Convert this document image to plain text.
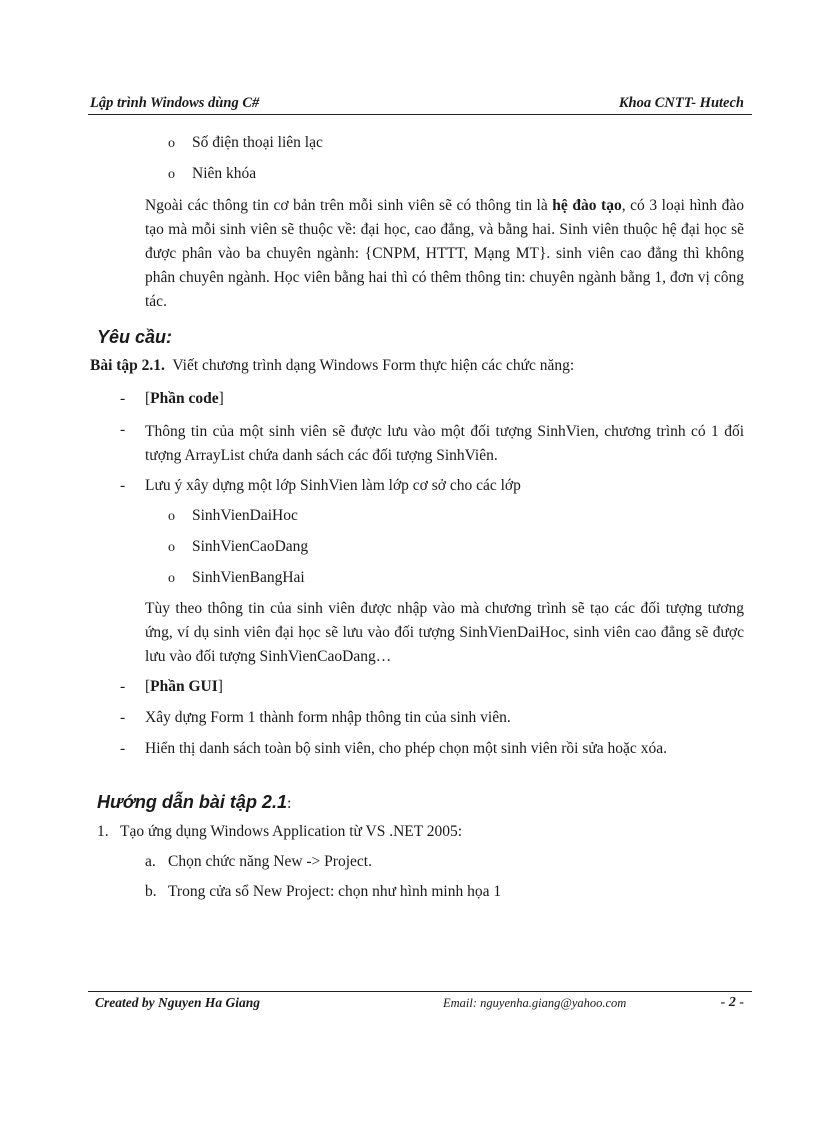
Lập trình Windows dùng C#	Khoa CNTT- Hutech
o Số điện thoại liên lạc
o Niên khóa
Ngoài các thông tin cơ bản trên mỗi sinh viên sẽ có thông tin là hệ đào tạo, có 3 loại hình đào tạo mà mỗi sinh viên sẽ thuộc về: đại học, cao đẳng, và bằng hai. Sinh viên thuộc hệ đại học sẽ được phân vào ba chuyên ngành: {CNPM, HTTT, Mạng MT}. sinh viên cao đẳng thì không phân chuyên ngành. Học viên bằng hai thì có thêm thông tin: chuyên ngành bằng 1, đơn vị công tác.
Yêu cầu:
Bài tập 2.1. Viết chương trình dạng Windows Form thực hiện các chức năng:
- [Phần code]
- Thông tin của một sinh viên sẽ được lưu vào một đối tượng SinhVien, chương trình có 1 đối tượng ArrayList chứa danh sách các đối tượng SinhViên.
- Lưu ý xây dựng một lớp SinhVien làm lớp cơ sở cho các lớp
o SinhVienDaiHoc
o SinhVienCaoDang
o SinhVienBangHai
Tùy theo thông tin của sinh viên được nhập vào mà chương trình sẽ tạo các đối tượng tương ứng, ví dụ sinh viên đại học sẽ lưu vào đối tượng SinhVienDaiHoc, sinh viên cao đẳng sẽ được lưu vào đối tượng SinhVienCaoDang…
- [Phần GUI]
- Xây dựng Form 1 thành form nhập thông tin của sinh viên.
- Hiển thị danh sách toàn bộ sinh viên, cho phép chọn một sinh viên rồi sửa hoặc xóa.
Hướng dẫn bài tập 2.1:
1. Tạo ứng dụng Windows Application từ VS .NET 2005:
a. Chọn chức năng New -> Project.
b. Trong cửa sổ New Project: chọn như hình minh họa 1
Created by Nguyen Ha Giang	Email: nguyenha.giang@yahoo.com	- 2 -
